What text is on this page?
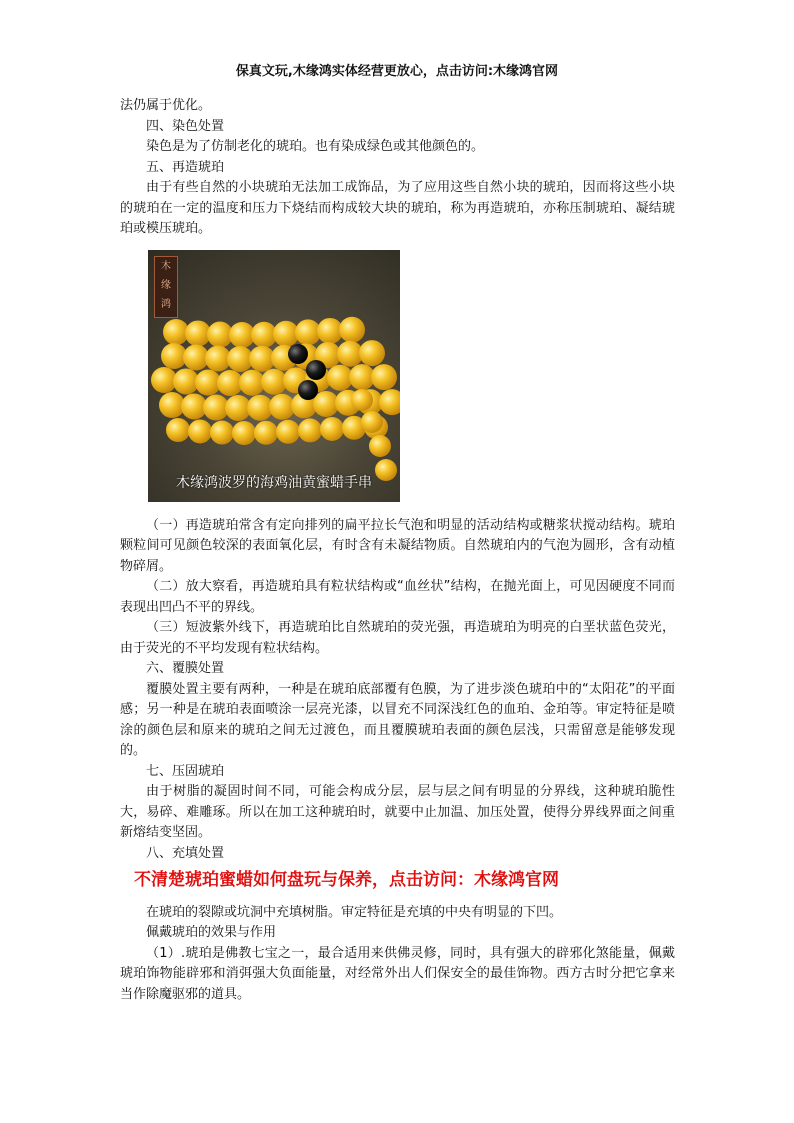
保真文玩,木缘鸿实体经营更放心，点击访问:木缘鸿官网

法仍属于优化。

四、染色处置

染色是为了仿制老化的琥珀。也有染成绿色或其他颜色的。

五、再造琥珀

由于有些自然的小块琥珀无法加工成饰品，为了应用这些自然小块的琥珀，因而将这些小块的琥珀在一定的温度和压力下烧结而构成较大块的琥珀，称为再造琥珀，亦称压制琥珀、凝结琥珀或模压琥珀。

木
缘
鸿
木缘鸿波罗的海鸡油黄蜜蜡手串

（一）再造琥珀常含有定向排列的扁平拉长气泡和明显的活动结构或糖浆状搅动结构。琥珀颗粒间可见颜色较深的表面氧化层，有时含有未凝结物质。自然琥珀内的气泡为圆形，含有动植物碎屑。

（二）放大察看，再造琥珀具有粒状结构或“血丝状”结构，在抛光面上，可见因硬度不同而表现出凹凸不平的界线。

（三）短波紫外线下，再造琥珀比自然琥珀的荧光强，再造琥珀为明亮的白垩状蓝色荧光，由于荧光的不平均发现有粒状结构。

六、覆膜处置

覆膜处置主要有两种，一种是在琥珀底部覆有色膜，为了进步淡色琥珀中的“太阳花”的平面感；另一种是在琥珀表面喷涂一层亮光漆，以冒充不同深浅红色的血珀、金珀等。审定特征是喷涂的颜色层和原来的琥珀之间无过渡色，而且覆膜琥珀表面的颜色层浅，只需留意是能够发现的。

七、压固琥珀

由于树脂的凝固时间不同，可能会构成分层，层与层之间有明显的分界线，这种琥珀脆性大，易碎、难雕琢。所以在加工这种琥珀时，就要中止加温、加压处置，使得分界线界面之间重新熔结变坚固。

八、充填处置

不清楚琥珀蜜蜡如何盘玩与保养，点击访问：木缘鸿官网

在琥珀的裂隙或坑洞中充填树脂。审定特征是充填的中央有明显的下凹。

佩戴琥珀的效果与作用

（1）.琥珀是佛教七宝之一，最合适用来供佛灵修，同时，具有强大的辟邪化煞能量，佩戴琥珀饰物能辟邪和消弭强大负面能量，对经常外出人们保安全的最佳饰物。西方古时分把它拿来当作除魔驱邪的道具。
